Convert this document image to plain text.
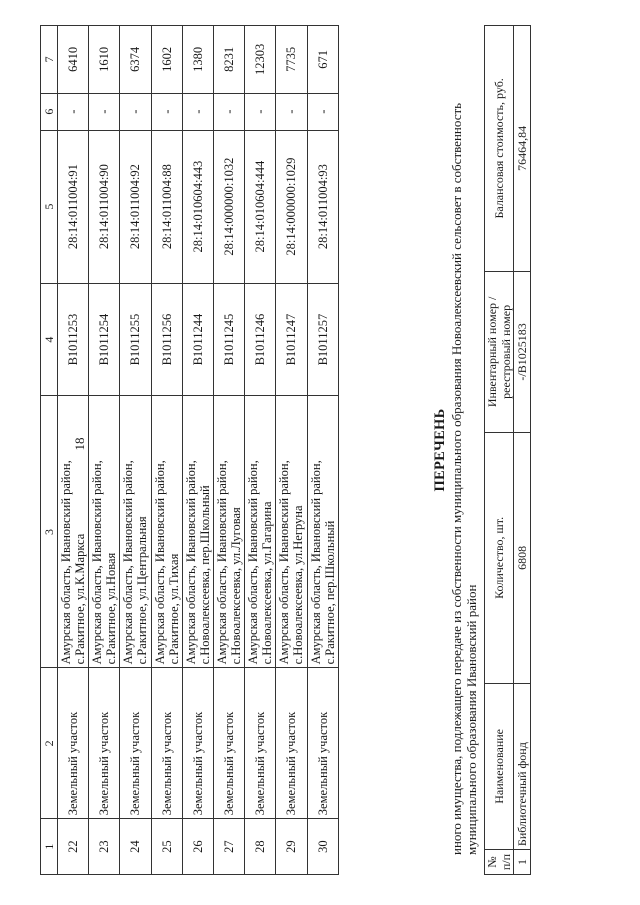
18
1	2	3	4	5	6	7
22	Земельный участок	Амурская область, Ивановский район, с.Ракитное, ул.К.Маркса	В1011253	28:14:011004:91	-	6410
23	Земельный участок	Амурская область, Ивановский район, с.Ракитное, ул.Новая	В1011254	28:14:011004:90	-	1610
24	Земельный участок	Амурская область, Ивановский район, с.Ракитное, ул.Центральная	В1011255	28:14:011004:92	-	6374
25	Земельный участок	Амурская область, Ивановский район, с.Ракитное, ул.Тихая	В1011256	28:14:011004:88	-	1602
26	Земельный участок	Амурская область, Ивановский район, с.Новоалексеевка, пер.Школьный	В1011244	28:14:010604:443	-	1380
27	Земельный участок	Амурская область, Ивановский район, с.Новоалексеевка, ул.Луговая	В1011245	28:14:000000:1032	-	8231
28	Земельный участок	Амурская область, Ивановский район, с.Новоалексеевка, ул.Гагарина	В1011246	28:14:010604:444	-	12303
29	Земельный участок	Амурская область, Ивановский район, с.Новоалексеевка, ул.Негруна	В1011247	28:14:000000:1029	-	7735
30	Земельный участок	Амурская область, Ивановский район, с.Ракитное, пер.Школьный	В1011257	28:14:011004:93	-	671
ПЕРЕЧЕНЬ иного имущества, подлежащего передаче из собственности муниципального образования Новоалексеевский сельсовет в собственность муниципального образования Ивановский район
№ п/п	Наименование	Количество, шт.	Инвентарный номер / реестровый номер	Балансовая стоимость, руб.
1	Библиотечный фонд	6808	-/В1025183	76464,84
